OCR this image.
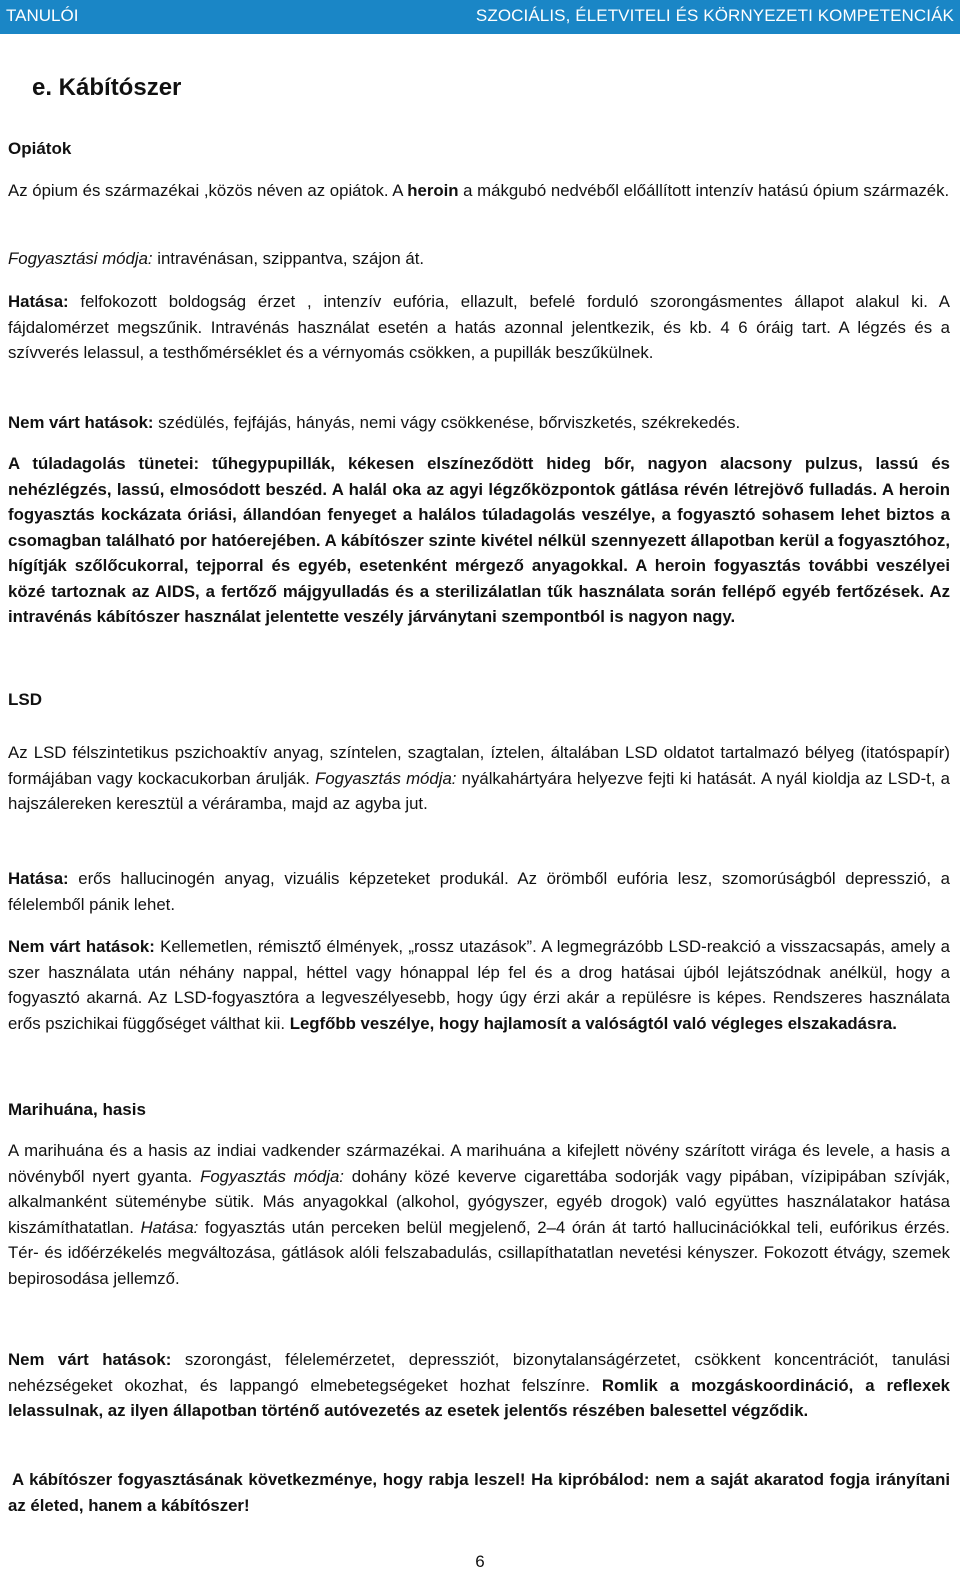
TANULÓI	SZOCIÁLIS, ÉLETVITELI ÉS KÖRNYEZETI KOMPETENCIÁK
e. Kábítószer
Opiátok

Az ópium és származékai ,közös néven az opiátok. A heroin a mákgubó nedvéből előállított intenzív hatású ópium származék.

Fogyasztási módja: intravénásan, szippantva, szájon át.

Hatása: felfokozott boldogság érzet , intenzív eufória, ellazult, befelé forduló szorongásmentes állapot alakul ki. A fájdalomérzet megszűnik. Intravénás használat esetén a hatás azonnal jelentkezik, és kb. 4 6 óráig tart. A légzés és a szívverés lelassul, a testhőmérséklet és a vérnyomás csökken, a pupillák beszűkülnek.

Nem várt hatások: szédülés, fejfájás, hányás, nemi vágy csökkenése, bőrviszketés, székrekedés.

A túladagolás tünetei: tűhegypupillák, kékesen elszíneződött hideg bőr, nagyon alacsony pulzus, lassú és nehézlégzés, lassú, elmosódott beszéd. A halál oka az agyi légzőközpontok gátlása révén létrejövő fulladás. A heroin fogyasztás kockázata óriási, állandóan fenyeget a halálos túladagolás veszélye, a fogyasztó sohasem lehet biztos a csomagban található por hatóerejében. A kábítószer szinte kivétel nélkül szennyezett állapotban kerül a fogyasztóhoz, hígítják szőlőcukorral, tejporral és egyéb, esetenként mérgező anyagokkal. A heroin fogyasztás további veszélyei közé tartoznak az AIDS, a fertőző májgyulladás és a sterilizálatlan tűk használata során fellépő egyéb fertőzések. Az intravénás kábítószer használat jelentette veszély járványtani szempontból is nagyon nagy.

LSD

Az LSD félszintetikus pszichoaktív anyag, színtelen, szagtalan, íztelen, általában LSD oldatot tartalmazó bélyeg (itatóspapír) formájában vagy kockacukorban árulják. Fogyasztás módja: nyálkahártyára helyezve fejti ki hatását. A nyál kioldja az LSD-t, a hajszálereken keresztül a véráramba, majd az agyba jut.

Hatása: erős hallucinogén anyag, vizuális képzeteket produkál. Az örömből eufória lesz, szomorúságból depresszió, a félelemből pánik lehet.

Nem várt hatások: Kellemetlen, rémisztő élmények, „rossz utazások”. A legmegrázóbb LSD-reakció a visszacsapás, amely a szer használata után néhány nappal, héttel vagy hónappal lép fel és a drog hatásai újból lejátszódnak anélkül, hogy a fogyasztó akarná. Az LSD-fogyasztóra a legveszélyesebb, hogy úgy érzi akár a repülésre is képes. Rendszeres használata erős pszichikai függőséget válthat kii. Legfőbb veszélye, hogy hajlamosít a valóságtól való végleges elszakadásra.

Marihuána, hasis

A marihuána és a hasis az indiai vadkender származékai. A marihuána a kifejlett növény szárított virága és levele, a hasis a növényből nyert gyanta. Fogyasztás módja: dohány közé keverve cigarettába sodorják vagy pipában, vízipipában szívják, alkalmanként süteménybe sütik. Más anyagokkal (alkohol, gyógyszer, egyéb drogok) való együttes használatakor hatása kiszámíthatatlan. Hatása: fogyasztás után perceken belül megjelenő, 2–4 órán át tartó hallucinációkkal teli, eufórikus érzés. Tér- és időérzékelés megváltozása, gátlások alóli felszabadulás, csillapíthatatlan nevetési kényszer. Fokozott étvágy, szemek bepirosodása jellemző.

Nem várt hatások: szorongást, félelemérzetet, depressziót, bizonytalanságérzetet, csökkent koncentrációt, tanulási nehézségeket okozhat, és lappangó elmebetegségeket hozhat felszínre. Romlik a mozgáskoordináció, a reflexek lelassulnak, az ilyen állapotban történő autóvezetés az esetek jelentős részében balesettel végződik.

A kábítószer fogyasztásának következménye, hogy rabja leszel! Ha kipróbálod: nem a saját akaratod fogja irányítani az életed, hanem a kábítószer!

6
